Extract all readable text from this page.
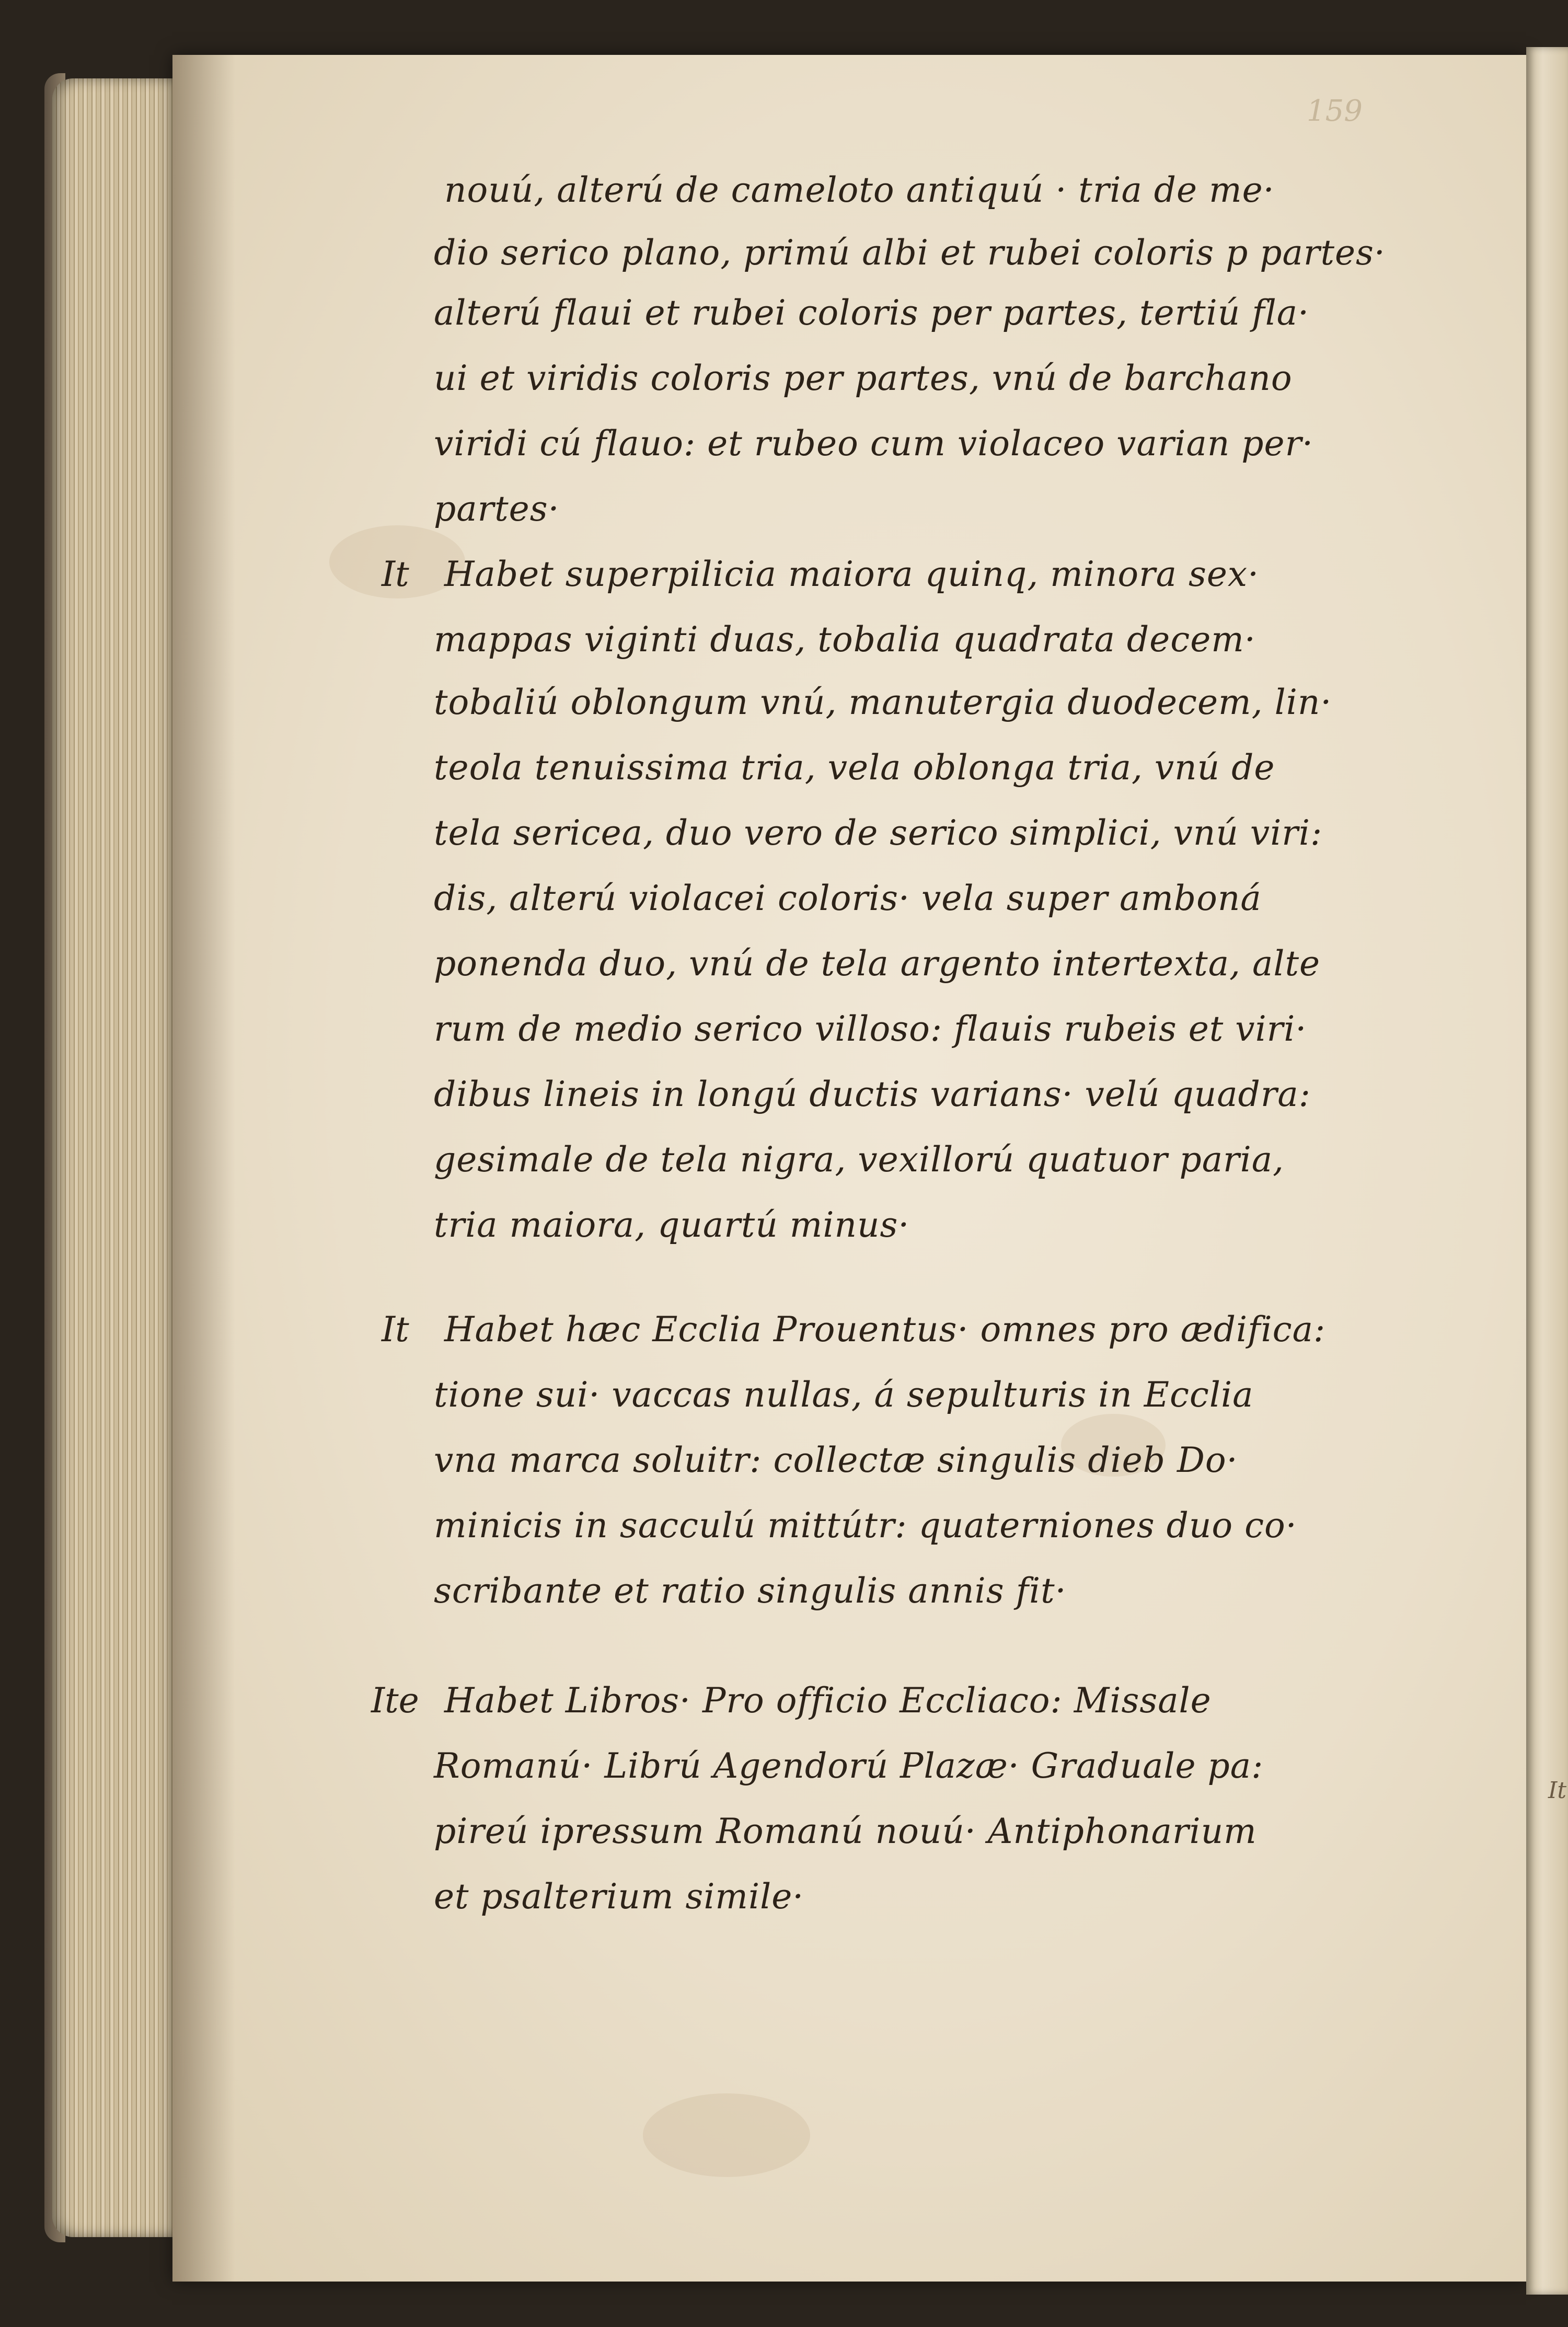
It
159
It
It
Ite
nouú, alterú de cameloto antiquú · tria de me·
dio serico plano, primú albi et rubei coloris p partes·
alterú flaui et rubei coloris per partes, tertiú fla·
ui et viridis coloris per partes, vnú de barchano
viridi cú flauo: et rubeo cum violaceo varian per·
partes·
Habet superpilicia maiora quinq, minora sex·
mappas viginti duas, tobalia quadrata decem·
tobaliú oblongum vnú, manutergia duodecem, lin·
teola tenuissima tria, vela oblonga tria, vnú de
tela sericea, duo vero de serico simplici, vnú viri:
dis, alterú violacei coloris· vela super amboná
ponenda duo, vnú de tela argento intertexta, alte
rum de medio serico villoso: flauis rubeis et viri·
dibus lineis in longú ductis varians· velú quadra:
gesimale de tela nigra, vexillorú quatuor paria,
tria maiora, quartú minus·
Habet hæc Ecclia Prouentus· omnes pro ædifica:
tione sui· vaccas nullas, á sepulturis in Ecclia
vna marca soluitr: collectæ singulis dieb Do·
minicis in sacculú mittútr: quaterniones duo co·
scribante et ratio singulis annis fit·
Habet Libros· Pro officio Eccliaco: Missale
Romanú· Librú Agendorú Plazæ· Graduale pa:
pireú ipressum Romanú nouú· Antiphonarium
et psalterium simile·
